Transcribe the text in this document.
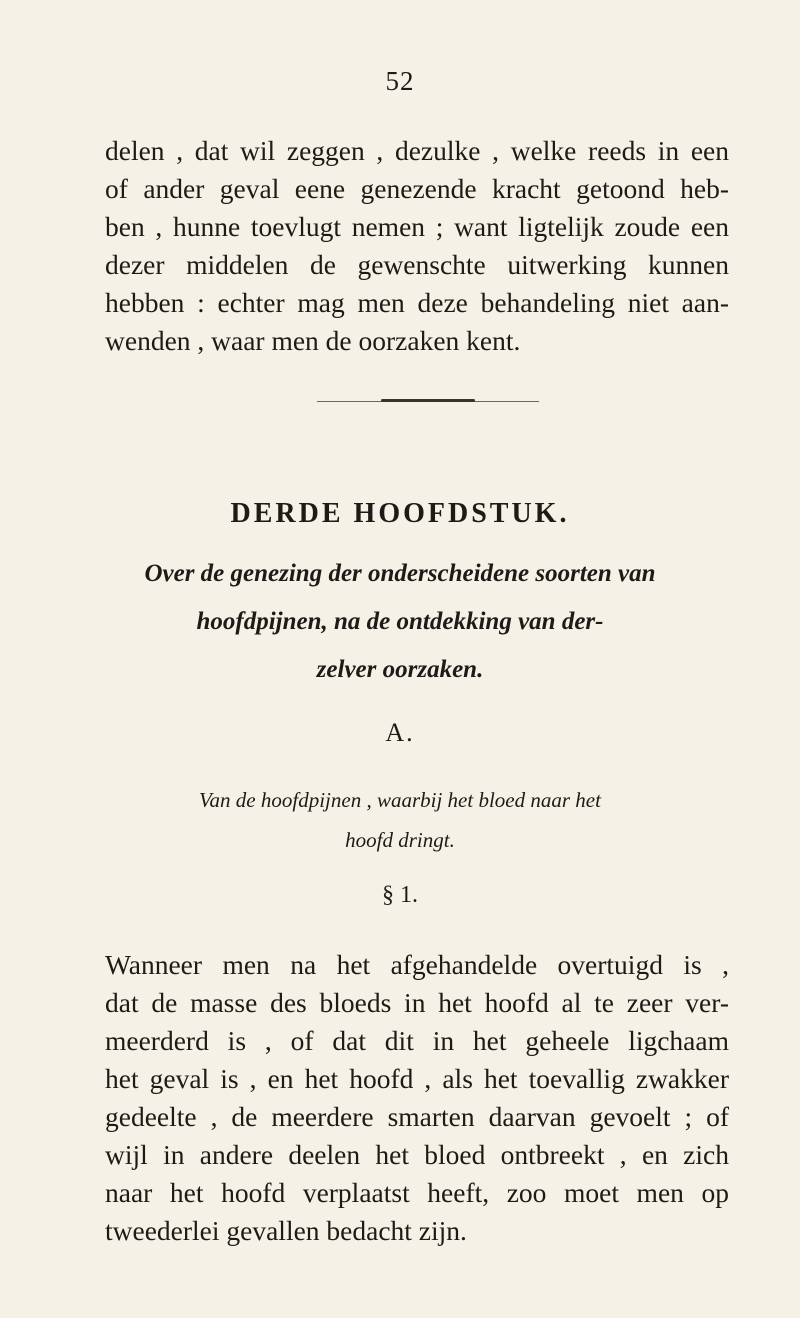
52
delen , dat wil zeggen , dezulke , welke reeds in een
of ander geval eene genezende kracht getoond heb-
ben , hunne toevlugt nemen ; want ligtelijk zoude een
dezer middelen de gewenschte uitwerking kunnen
hebben : echter mag men deze behandeling niet aan-
wenden , waar men de oorzaken kent.
DERDE HOOFDSTUK.
Over de genezing der onderscheidene soorten van
hoofdpijnen, na de ontdekking van der-
zelver oorzaken.
A.
Van de hoofdpijnen , waarbij het bloed naar het
hoofd dringt.
§ 1.
Wanneer men na het afgehandelde overtuigd is ,
dat de masse des bloeds in het hoofd al te zeer ver-
meerderd is , of dat dit in het geheele ligchaam
het geval is , en het hoofd , als het toevallig zwakker
gedeelte , de meerdere smarten daarvan gevoelt ; of
wijl in andere deelen het bloed ontbreekt , en zich
naar het hoofd verplaatst heeft, zoo moet men op
tweederlei gevallen bedacht zijn.
